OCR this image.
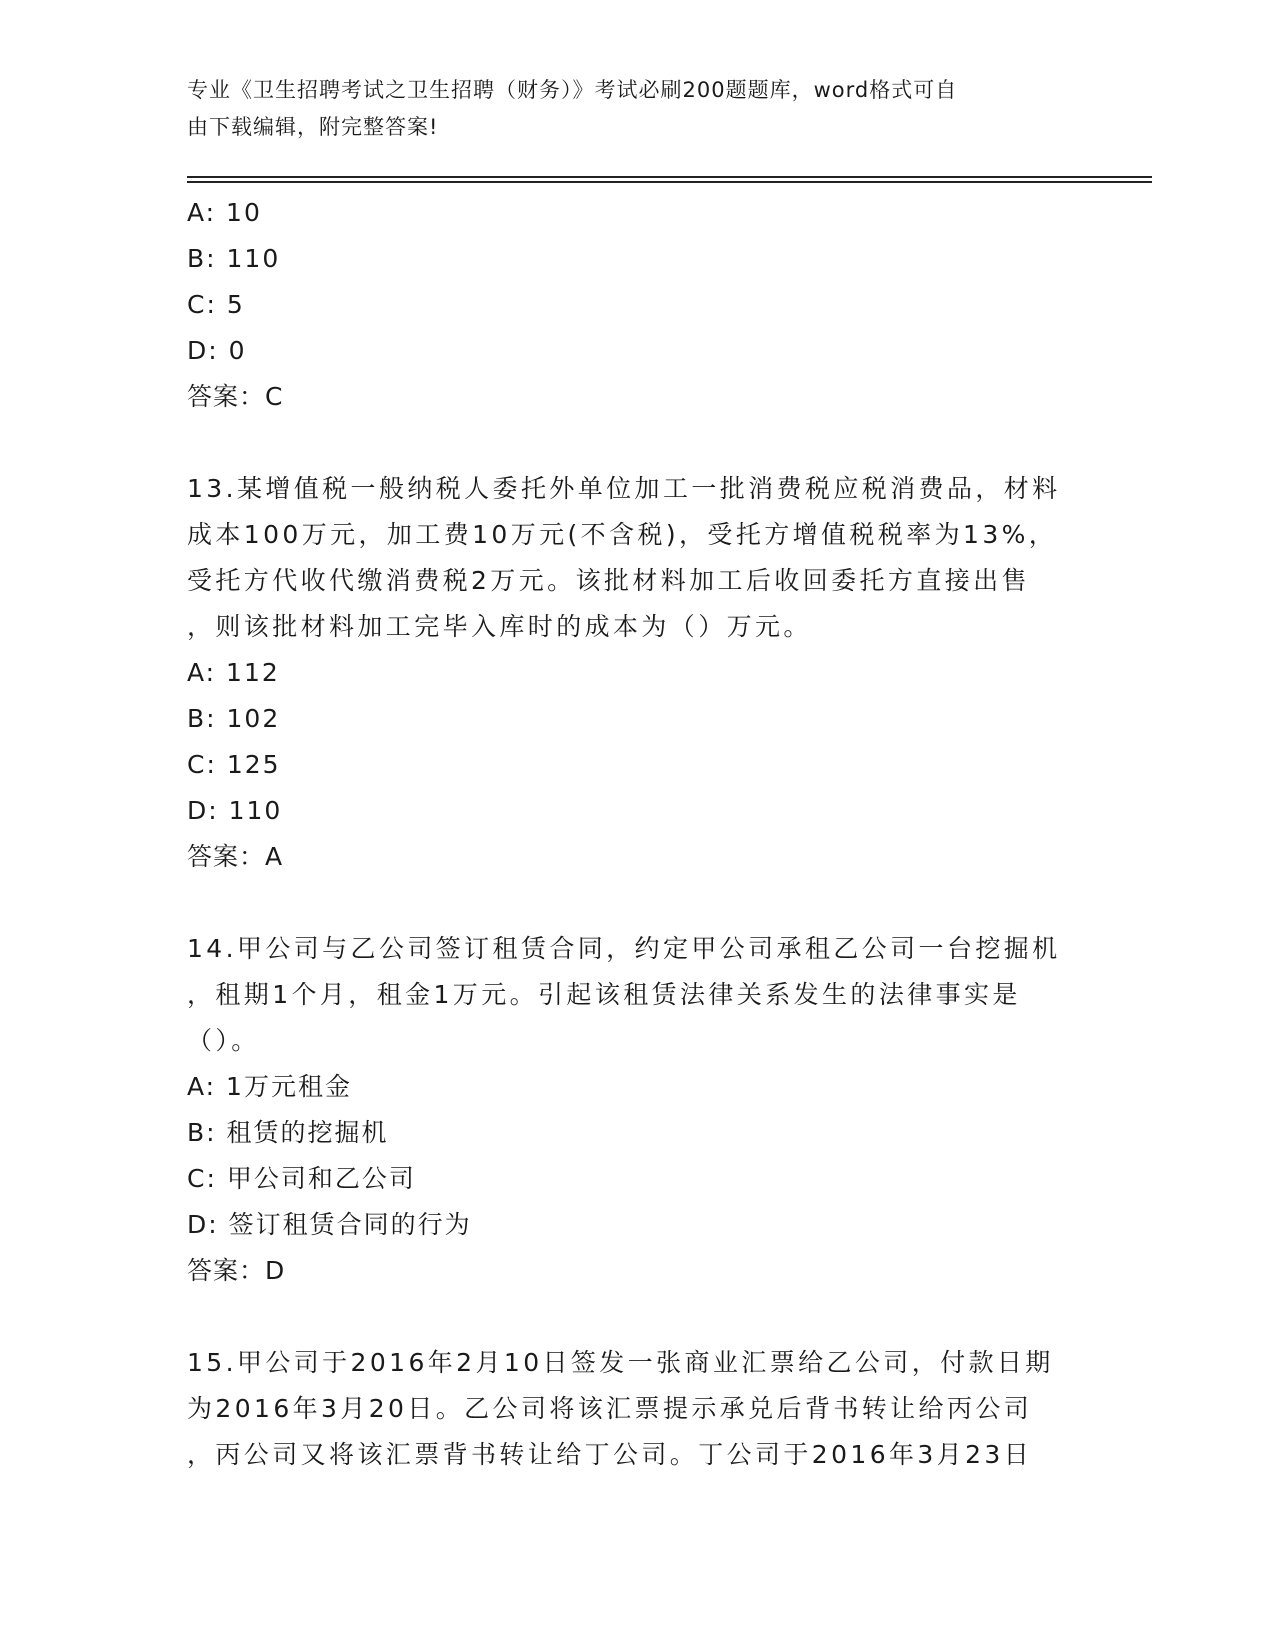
专业《卫生招聘考试之卫生招聘（财务）》考试必刷200题题库，word格式可自
由下载编辑，附完整答案!
A: 10
B: 110
C: 5
D: 0
答案：C
13.某增值税一般纳税人委托外单位加工一批消费税应税消费品，材料
成本100万元，加工费10万元(不含税)，受托方增值税税率为13%，
受托方代收代缴消费税2万元。该批材料加工后收回委托方直接出售
，则该批材料加工完毕入库时的成本为（）万元。
A: 112
B: 102
C: 125
D: 110
答案：A
14.甲公司与乙公司签订租赁合同，约定甲公司承租乙公司一台挖掘机
，租期1个月，租金1万元。引起该租赁法律关系发生的法律事实是
（）。
A: 1万元租金
B: 租赁的挖掘机
C: 甲公司和乙公司
D: 签订租赁合同的行为
答案：D
15.甲公司于2016年2月10日签发一张商业汇票给乙公司，付款日期
为2016年3月20日。乙公司将该汇票提示承兑后背书转让给丙公司
，丙公司又将该汇票背书转让给丁公司。丁公司于2016年3月23日
